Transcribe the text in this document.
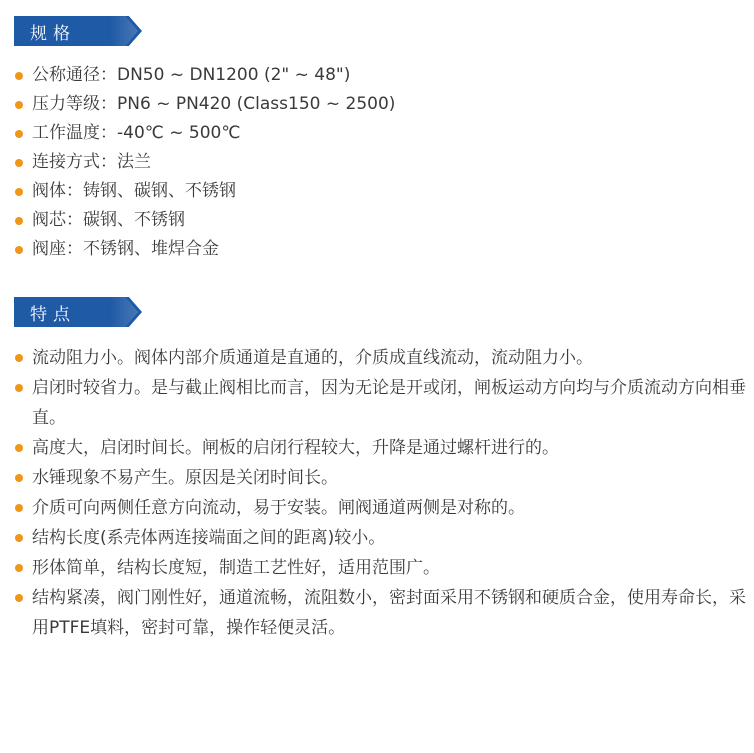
规格
公称通径：DN50 ~ DN1200 (2" ~ 48")
压力等级：PN6 ~ PN420 (Class150 ~ 2500)
工作温度：-40℃ ~ 500℃
连接方式：法兰
阀体：铸钢、碳钢、不锈钢
阀芯：碳钢、不锈钢
阀座：不锈钢、堆焊合金
特点
流动阻力小。阀体内部介质通道是直通的，介质成直线流动，流动阻力小。
启闭时较省力。是与截止阀相比而言，因为无论是开或闭，闸板运动方向均与介质流动方向相垂直。
高度大，启闭时间长。闸板的启闭行程较大，升降是通过螺杆进行的。
水锤现象不易产生。原因是关闭时间长。
介质可向两侧任意方向流动，易于安装。闸阀通道两侧是对称的。
结构长度(系壳体两连接端面之间的距离)较小。
形体简单，结构长度短，制造工艺性好，适用范围广。
结构紧凑，阀门刚性好，通道流畅，流阻数小，密封面采用不锈钢和硬质合金，使用寿命长，采用PTFE填料，密封可靠，操作轻便灵活。
